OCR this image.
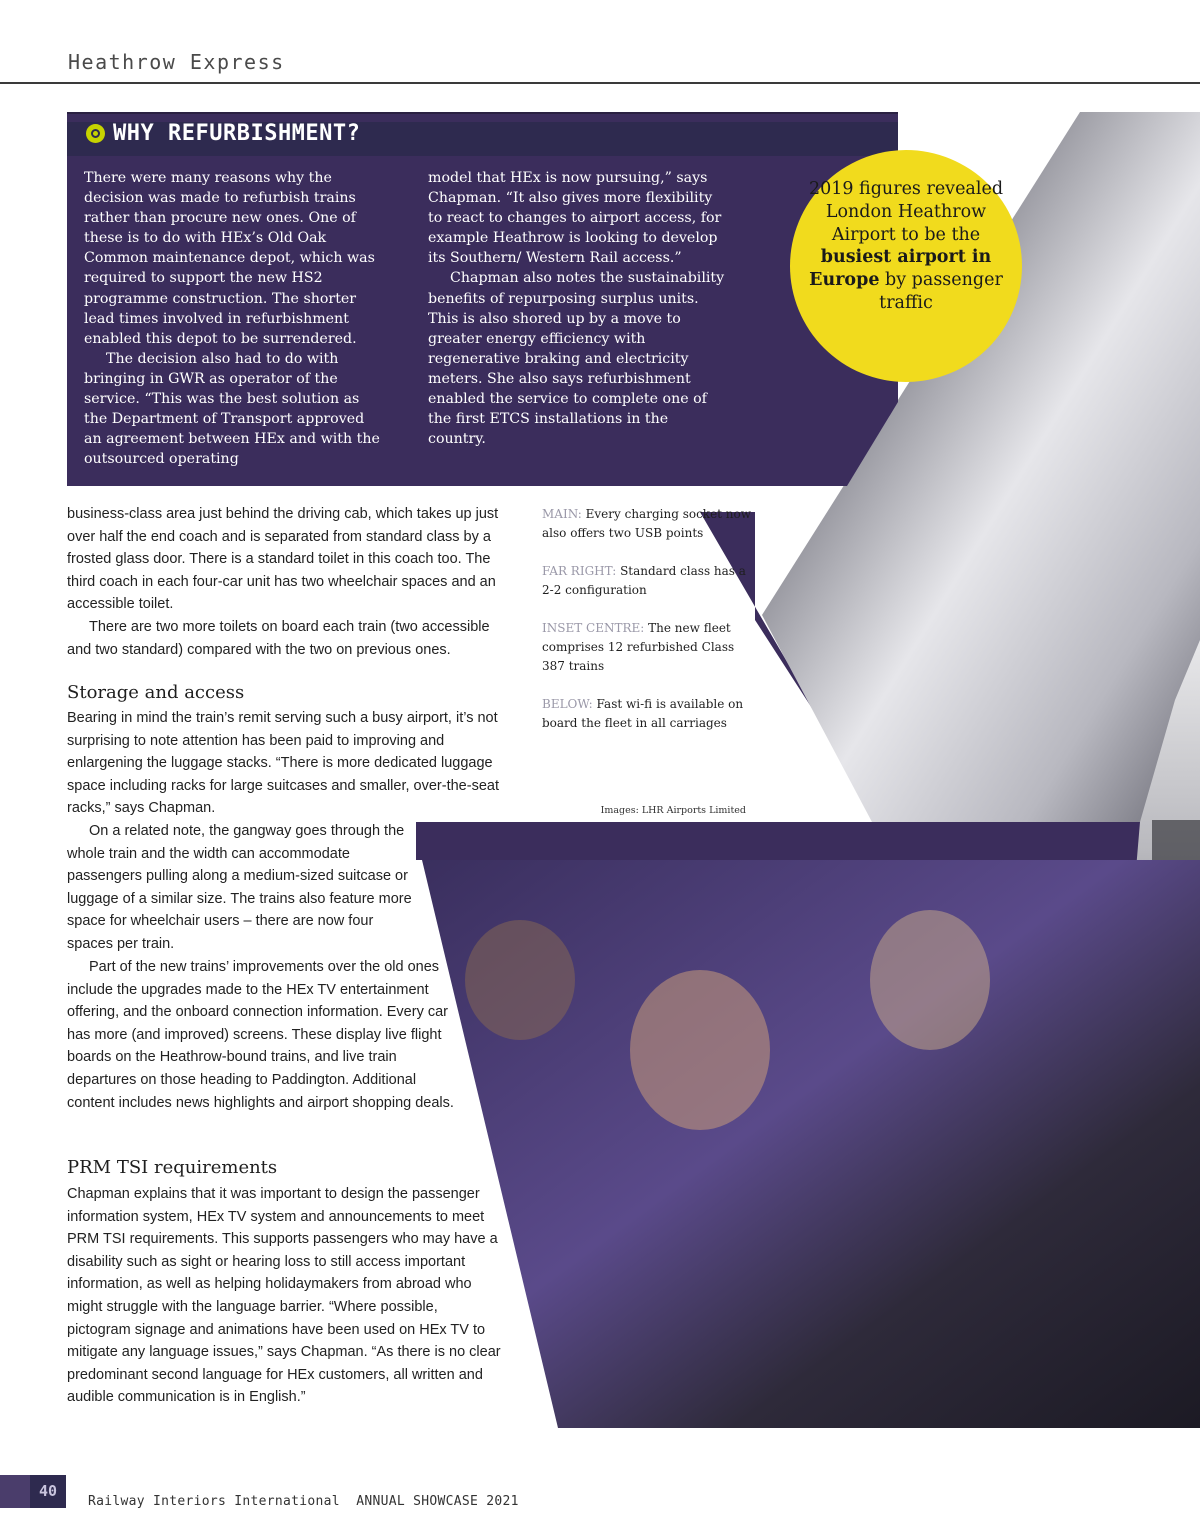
Heathrow Express
WHY REFURBISHMENT?

There were many reasons why the decision was made to refurbish trains rather than procure new ones. One of these is to do with HEx’s Old Oak Common maintenance depot, which was required to support the new HS2 programme construction. The shorter lead times involved in refurbishment enabled this depot to be surrendered.

The decision also had to do with bringing in GWR as operator of the service. “This was the best solution as the Department of Transport approved an agreement between HEx and with the outsourced operating

model that HEx is now pursuing,” says Chapman. “It also gives more flexibility to react to changes to airport access, for example Heathrow is looking to develop its Southern/ Western Rail access.”

Chapman also notes the sustainability benefits of repurposing surplus units. This is also shored up by a move to greater energy efficiency with regenerative braking and electricity meters. She also says refurbishment enabled the service to complete one of the first ETCS installations in the country.

2019 figures revealed London Heathrow Airport to be the busiest airport in Europe by passenger traffic

business-class area just behind the driving cab, which takes up just over half the end coach and is separated from standard class by a frosted glass door. There is a standard toilet in this coach too. The third coach in each four-car unit has two wheelchair spaces and an accessible toilet.

There are two more toilets on board each train (two accessible and two standard) compared with the two on previous ones.

Storage and access

Bearing in mind the train’s remit serving such a busy airport, it’s not surprising to note attention has been paid to improving and enlargening the luggage stacks. “There is more dedicated luggage space including racks for large suitcases and smaller, over-the-seat racks,” says Chapman.

On a related note, the gangway goes through the whole train and the width can accommodate passengers pulling along a medium-sized suitcase or luggage of a similar size. The trains also feature more space for wheelchair users – there are now four spaces per train.

Part of the new trains’ improvements over the old ones include the upgrades made to the HEx TV entertainment offering, and the onboard connection information. Every car has more (and improved) screens. These display live flight boards on the Heathrow-bound trains, and live train departures on those heading to Paddington. Additional content includes news highlights and airport shopping deals.

PRM TSI requirements

Chapman explains that it was important to design the passenger information system, HEx TV system and announcements to meet PRM TSI requirements. This supports passengers who may have a disability such as sight or hearing loss to still access important information, as well as helping holidaymakers from abroad who might struggle with the language barrier. “Where possible, pictogram signage and animations have been used on HEx TV to mitigate any language issues,” says Chapman. “As there is no clear predominant second language for HEx customers, all written and audible communication is in English.”

MAIN: Every charging socket now also offers two USB points
FAR RIGHT: Standard class has a 2-2 configuration
INSET CENTRE: The new fleet comprises 12 refurbished Class 387 trains
BELOW: Fast wi-fi is available on board the fleet in all carriages
Images: LHR Airports Limited
40
Railway Interiors International ANNUAL SHOWCASE 2021
